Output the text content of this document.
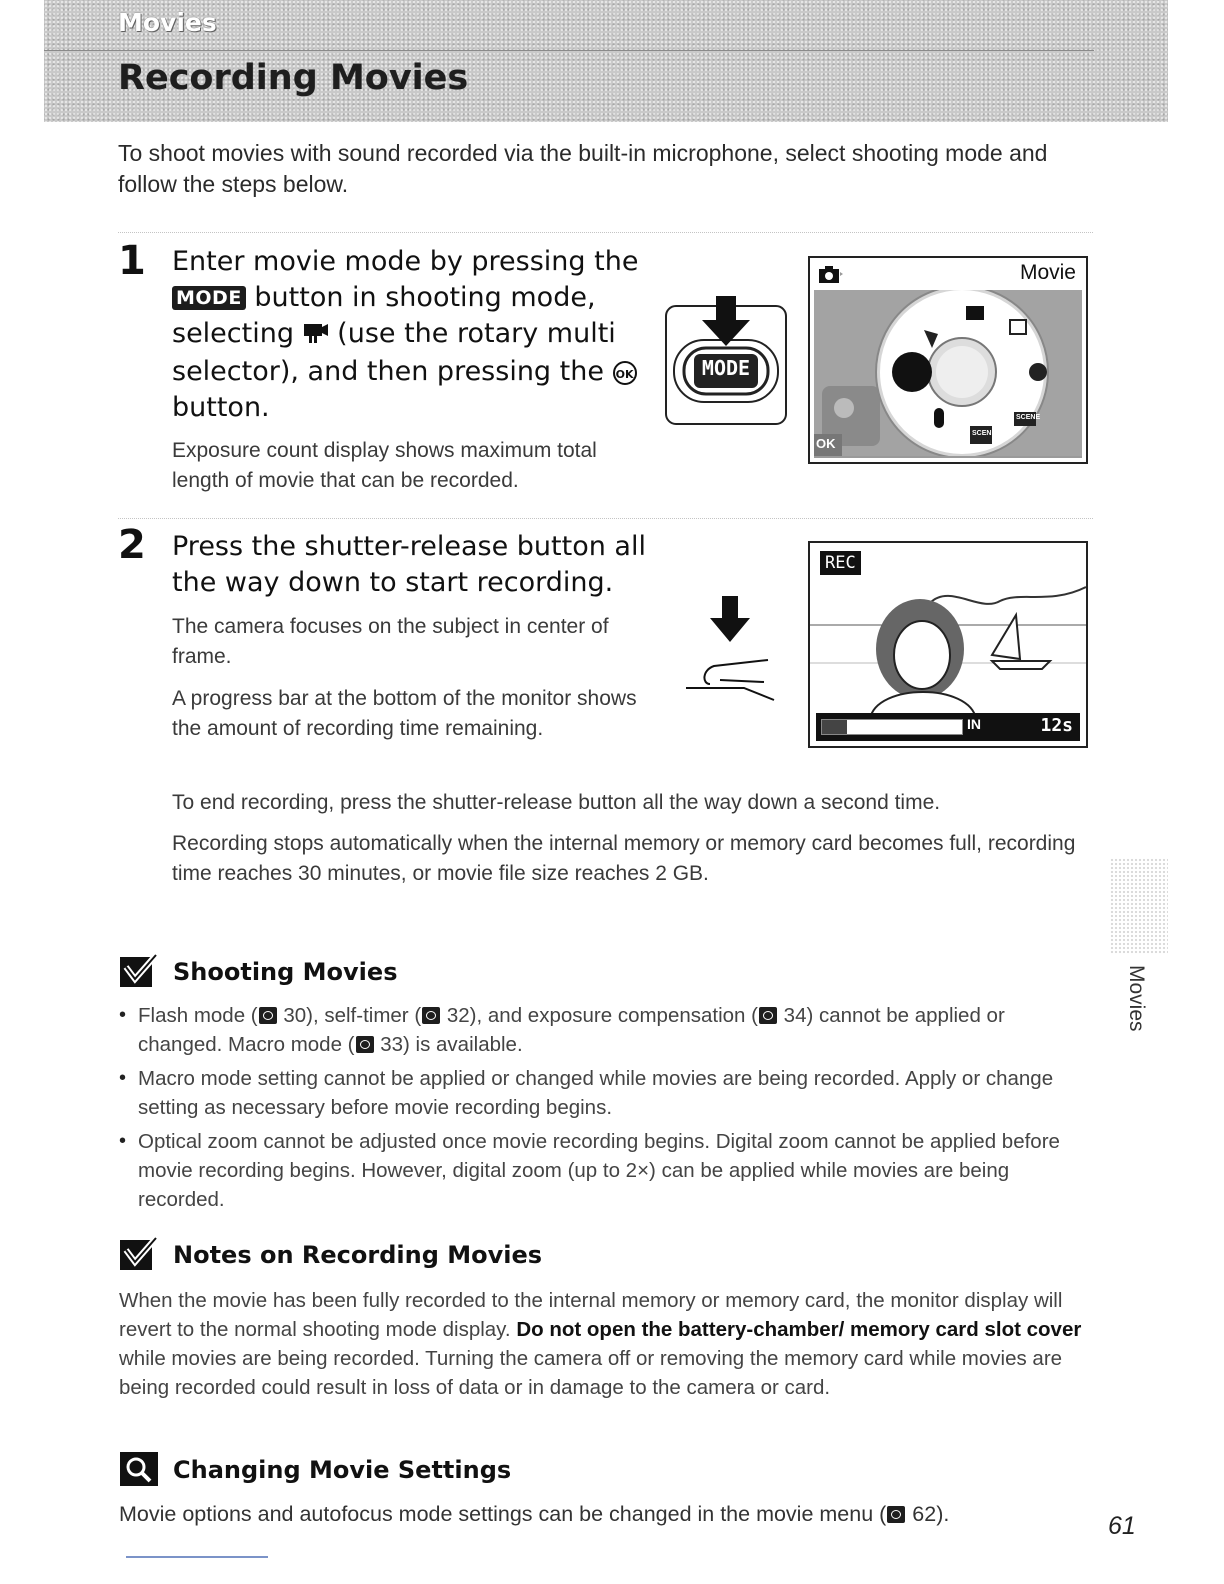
Movies
Recording Movies
To shoot movies with sound recorded via the built-in microphone, select shooting mode and follow the steps below.
1 Enter movie mode by pressing the MODE button in shooting mode, selecting (use the rotary multi selector), and then pressing the OK button.
Exposure count display shows maximum total length of movie that can be recorded.
MODE
Movie
OK
SCENE
SCENE
2 Press the shutter-release button all the way down to start recording.
The camera focuses on the subject in center of frame.
A progress bar at the bottom of the monitor shows the amount of recording time remaining.
To end recording, press the shutter-release button all the way down a second time.
Recording stops automatically when the internal memory or memory card becomes full, recording time reaches 30 minutes, or movie file size reaches 2 GB.
REC
IN	12s
Shooting Movies
• Flash mode ( 30), self-timer ( 32), and exposure compensation ( 34) cannot be applied or changed. Macro mode ( 33) is available.
• Macro mode setting cannot be applied or changed while movies are being recorded. Apply or change setting as necessary before movie recording begins.
• Optical zoom cannot be adjusted once movie recording begins. Digital zoom cannot be applied before movie recording begins. However, digital zoom (up to 2×) can be applied while movies are being recorded.
Notes on Recording Movies
When the movie has been fully recorded to the internal memory or memory card, the monitor display will revert to the normal shooting mode display. Do not open the battery-chamber/ memory card slot cover while movies are being recorded. Turning the camera off or removing the memory card while movies are being recorded could result in loss of data or in damage to the camera or card.
Changing Movie Settings
Movie options and autofocus mode settings can be changed in the movie menu ( 62).
Movies
61
